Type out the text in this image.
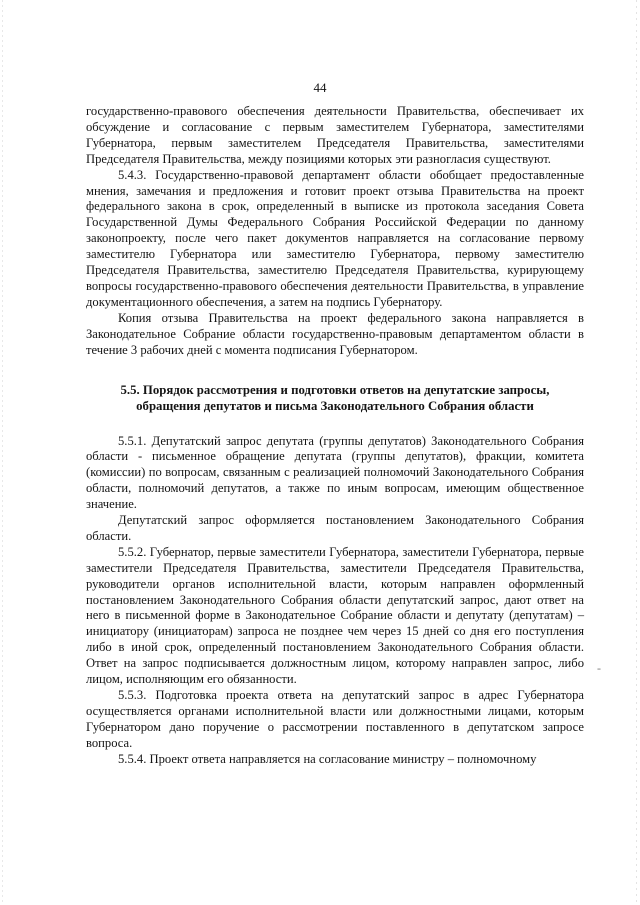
44

государственно-правового обеспечения деятельности Правительства, обеспечивает их обсуждение и согласование с первым заместителем Губернатора, заместителями Губернатора, первым заместителем Председателя Правительства, заместителями Председателя Правительства, между позициями которых эти разногласия существуют.

5.4.3. Государственно-правовой департамент области обобщает предоставленные мнения, замечания и предложения и готовит проект отзыва Правительства на проект федерального закона в срок, определенный в выписке из протокола заседания Совета Государственной Думы Федерального Собрания Российской Федерации по данному законопроекту, после чего пакет документов направляется на согласование первому заместителю Губернатора или заместителю Губернатора, первому заместителю Председателя Правительства, заместителю Председателя Правительства, курирующему вопросы государственно-правового обеспечения деятельности Правительства, в управление документационного обеспечения, а затем на подпись Губернатору.

Копия отзыва Правительства на проект федерального закона направляется в Законодательное Собрание области государственно-правовым департаментом области в течение 3 рабочих дней с момента подписания Губернатором.

5.5. Порядок рассмотрения и подготовки ответов на депутатские запросы,
обращения депутатов и письма Законодательного Собрания области

5.5.1. Депутатский запрос депутата (группы депутатов) Законодательного Собрания области - письменное обращение депутата (группы депутатов), фракции, комитета (комиссии) по вопросам, связанным с реализацией полномочий Законодательного Собрания области, полномочий депутатов, а также по иным вопросам, имеющим общественное значение.

Депутатский запрос оформляется постановлением Законодательного Собрания области.

5.5.2. Губернатор, первые заместители Губернатора, заместители Губернатора, первые заместители Председателя Правительства, заместители Председателя Правительства, руководители органов исполнительной власти, которым направлен оформленный постановлением Законодательного Собрания области депутатский запрос, дают ответ на него в письменной форме в Законодательное Собрание области и депутату (депутатам) – инициатору (инициаторам) запроса не позднее чем через 15 дней со дня его поступления либо в иной срок, определенный постановлением Законодательного Собрания области. Ответ на запрос подписывается должностным лицом, которому направлен запрос, либо лицом, исполняющим его обязанности.

5.5.3. Подготовка проекта ответа на депутатский запрос в адрес Губернатора осуществляется органами исполнительной власти или должностными лицами, которым Губернатором дано поручение о рассмотрении поставленного в депутатском запросе вопроса.

5.5.4. Проект ответа направляется на согласование министру – полномочному

-
